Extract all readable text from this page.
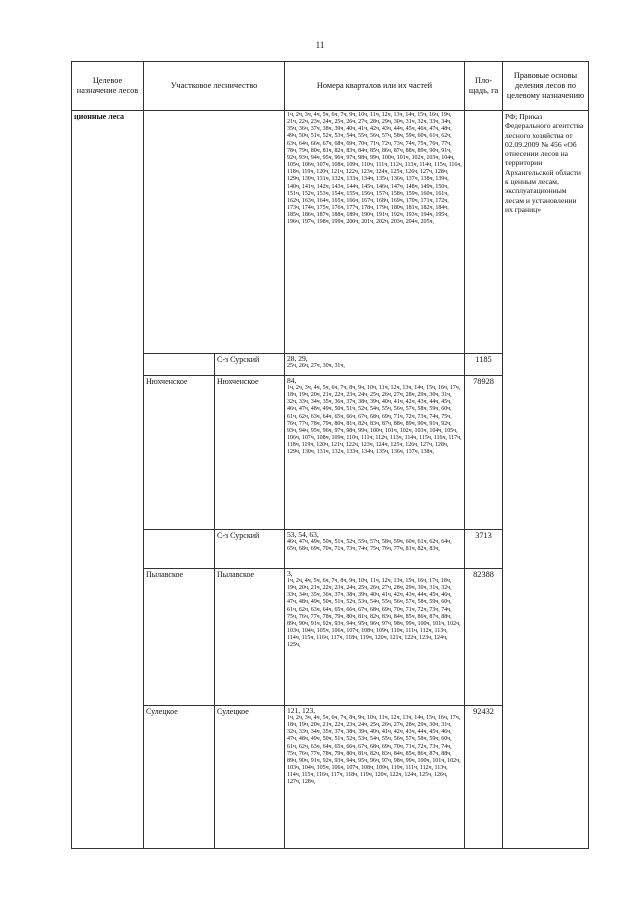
11
Целевое назначение лесов	Участковое лесничество		Номера кварталов или их частей	Пло-щадь, га	Правовые основы деления лесов по целевому назначению
ционные леса			1ч, 2ч, 3ч, 4ч, 5ч, 6ч, 7ч, 9ч, 10ч, 11ч, 12ч, 13ч, 14ч, 15ч, 16ч, 19ч, 21ч, 22ч, 23ч, 24ч, 25ч, 26ч, 27ч, 28ч, 29ч, 30ч, 31ч, 32ч, 33ч, 34ч, 35ч, 36ч, 37ч, 38ч, 39ч, 40ч, 41ч, 42ч, 43ч, 44ч, 45ч, 46ч, 47ч, 48ч, 49ч, 50ч, 51ч, 52ч, 53ч, 54ч, 55ч, 56ч, 57ч, 58ч, 59ч, 60ч, 61ч, 62ч, 63ч, 64ч, 66ч, 67ч, 68ч, 69ч, 70ч, 71ч, 72ч, 73ч, 74ч, 75ч, 76ч, 77ч, 78ч, 79ч, 80ч, 81ч, 82ч, 83ч, 84ч, 85ч, 86ч, 87ч, 88ч, 89ч, 90ч, 91ч, 92ч, 93ч, 94ч, 95ч, 96ч, 97ч, 98ч, 99ч, 100ч, 101ч, 102ч, 103ч, 104ч, 105ч, 106ч, 107ч, 108ч, 109ч, 110ч, 111ч, 112ч, 113ч, 114ч, 115ч, 116ч, 118ч, 119ч, 120ч, 121ч, 122ч, 123ч, 124ч, 125ч, 126ч, 127ч, 128ч, 129ч, 130ч, 131ч, 132ч, 133ч, 134ч, 135ч, 136ч, 137ч, 138ч, 139ч, 140ч, 141ч, 142ч, 143ч, 144ч, 145ч, 146ч, 147ч, 148ч, 149ч, 150ч, 151ч, 152ч, 153ч, 154ч, 155ч, 156ч, 157ч, 158ч, 159ч, 160ч, 161ч, 162ч, 163ч, 164ч, 165ч, 166ч, 167ч, 168ч, 169ч, 170ч, 171ч, 172ч, 173ч, 174ч, 175ч, 176ч, 177ч, 178ч, 179ч, 180ч, 181ч, 182ч, 184ч, 185ч, 186ч, 187ч, 188ч, 189ч, 190ч, 191ч, 192ч, 193ч, 194ч, 195ч, 196ч, 197ч, 198ч, 199ч, 200ч, 201ч, 202ч, 203ч, 204ч, 205ч,		РФ; Приказ Федерального агентства лесного хозяйства от 02.09.2009 № 456 «Об отнесении лесов на территории Архангельской области к ценным лесам, эксплуатационным лесам и установлении их границ»
		С-з Сурский	28, 29,
25ч, 26ч, 27ч, 30ч, 31ч,	1185	
	Нюхченское	Нюхченское	84,
1ч, 2ч, 3ч, 4ч, 5ч, 6ч, 7ч, 8ч, 9ч, 10ч, 11ч, 12ч, 13ч, 14ч, 15ч, 16ч, 17ч, 18ч, 19ч, 20ч, 21ч, 22ч, 23ч, 24ч, 25ч, 26ч, 27ч, 28ч, 29ч, 30ч, 31ч, 32ч, 33ч, 34ч, 35ч, 36ч, 37ч, 38ч, 39ч, 40ч, 41ч, 42ч, 43ч, 44ч, 45ч, 46ч, 47ч, 48ч, 49ч, 50ч, 51ч, 52ч, 54ч, 55ч, 56ч, 57ч, 58ч, 59ч, 60ч, 61ч, 62ч, 63ч, 64ч, 65ч, 66ч, 67ч, 68ч, 69ч, 71ч, 72ч, 73ч, 74ч, 75ч, 76ч, 77ч, 78ч, 79ч, 80ч, 81ч, 82ч, 83ч, 87ч, 88ч, 89ч, 90ч, 91ч, 92ч, 93ч, 94ч, 95ч, 96ч, 97ч, 98ч, 99ч, 100ч, 101ч, 102ч, 103ч, 104ч, 105ч, 106ч, 107ч, 108ч, 109ч, 110ч, 111ч, 112ч, 113ч, 114ч, 115ч, 116ч, 117ч, 118ч, 119ч, 120ч, 121ч, 122ч, 123ч, 124ч, 125ч, 126ч, 127ч, 128ч, 129ч, 130ч, 131ч, 132ч, 133ч, 134ч, 135ч, 136ч, 137ч, 138ч,	78928	
		С-з Сурский	53, 54, 63,
46ч, 47ч, 49ч, 50ч, 51ч, 52ч, 55ч, 57ч, 58ч, 59ч, 60ч, 61ч, 62ч, 64ч, 65ч, 68ч, 69ч, 70ч, 71ч, 73ч, 74ч, 75ч, 76ч, 77ч, 81ч, 82ч, 83ч,	3713	
	Пылавское	Пылавское	3,
1ч, 2ч, 4ч, 5ч, 6ч, 7ч, 8ч, 9ч, 10ч, 11ч, 12ч, 13ч, 15ч, 16ч, 17ч, 18ч, 19ч, 20ч, 21ч, 22ч, 23ч, 24ч, 25ч, 26ч, 27ч, 28ч, 29ч, 30ч, 31ч, 32ч, 33ч, 34ч, 35ч, 36ч, 37ч, 38ч, 39ч, 40ч, 41ч, 42ч, 43ч, 44ч, 45ч, 46ч, 47ч, 48ч, 49ч, 50ч, 51ч, 52ч, 53ч, 54ч, 55ч, 56ч, 57ч, 58ч, 59ч, 60ч, 61ч, 62ч, 63ч, 64ч, 65ч, 66ч, 67ч, 68ч, 69ч, 70ч, 71ч, 72ч, 73ч, 74ч, 75ч, 76ч, 77ч, 78ч, 79ч, 80ч, 81ч, 82ч, 83ч, 84ч, 85ч, 86ч, 87ч, 88ч, 89ч, 90ч, 91ч, 92ч, 93ч, 94ч, 95ч, 96ч, 97ч, 98ч, 99ч, 100ч, 101ч, 102ч, 103ч, 104ч, 105ч, 106ч, 107ч, 108ч, 109ч, 110ч, 111ч, 112ч, 113ч, 114ч, 115ч, 116ч, 117ч, 118ч, 119ч, 120ч, 121ч, 122ч, 123ч, 124ч, 125ч,	82388	
	Сулецкое	Сулецкое	121, 123,
1ч, 2ч, 3ч, 4ч, 5ч, 6ч, 7ч, 8ч, 9ч, 10ч, 11ч, 12ч, 13ч, 14ч, 15ч, 16ч, 17ч, 18ч, 19ч, 20ч, 21ч, 22ч, 23ч, 24ч, 25ч, 26ч, 27ч, 28ч, 29ч, 30ч, 31ч, 32ч, 33ч, 34ч, 35ч, 37ч, 38ч, 39ч, 40ч, 41ч, 42ч, 43ч, 44ч, 45ч, 46ч, 47ч, 48ч, 49ч, 50ч, 51ч, 52ч, 53ч, 54ч, 55ч, 56ч, 57ч, 58ч, 59ч, 60ч, 61ч, 62ч, 63ч, 64ч, 65ч, 66ч, 67ч, 68ч, 69ч, 70ч, 71ч, 72ч, 73ч, 74ч, 75ч, 76ч, 77ч, 78ч, 79ч, 80ч, 81ч, 82ч, 83ч, 84ч, 85ч, 86ч, 87ч, 88ч, 89ч, 90ч, 91ч, 92ч, 93ч, 94ч, 95ч, 96ч, 97ч, 98ч, 99ч, 100ч, 101ч, 102ч, 103ч, 104ч, 105ч, 106ч, 107ч, 108ч, 109ч, 110ч, 111ч, 112ч, 113ч, 114ч, 115ч, 116ч, 117ч, 118ч, 119ч, 120ч, 122ч, 124ч, 125ч, 126ч, 127ч, 128ч,	92432	
